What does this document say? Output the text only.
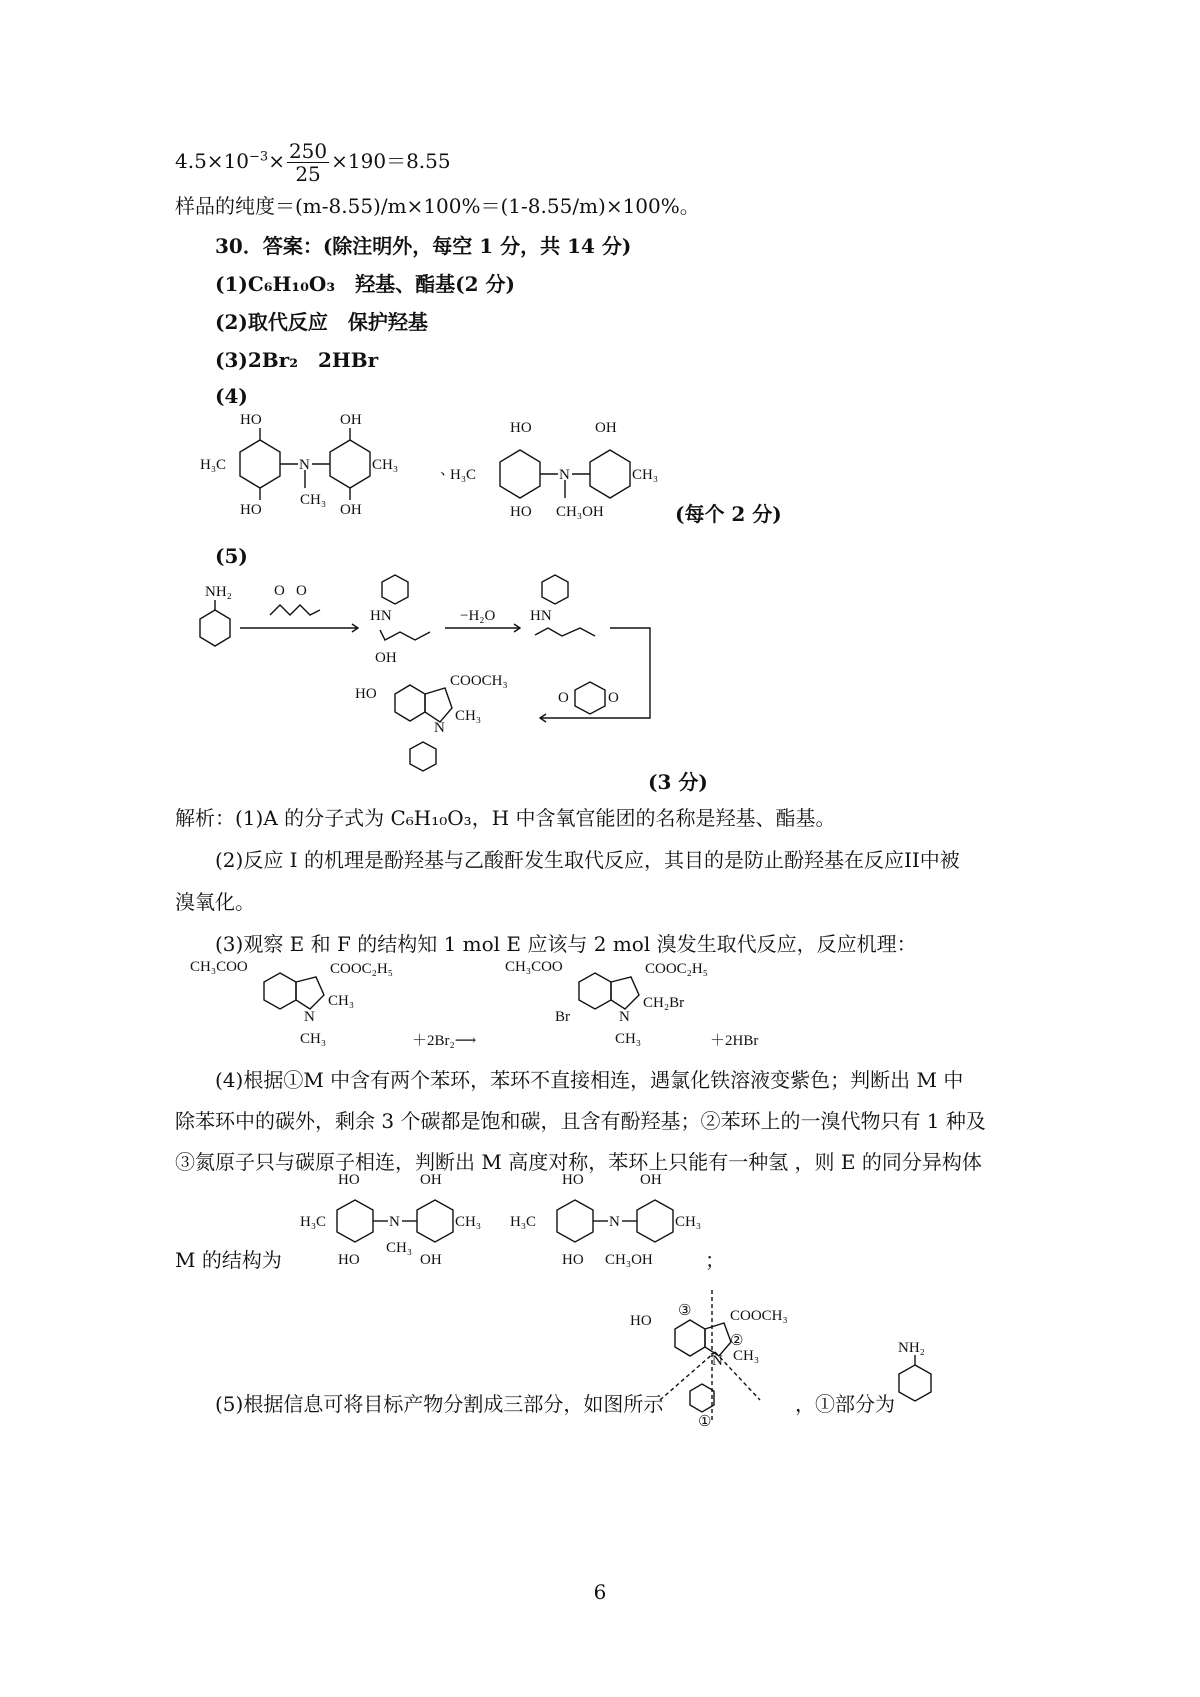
$4.5\times 10^{-3}\times \frac{250}{25} \times 190=8.55$
样品的纯度＝(m-8.55)/m×100%＝(1-8.55/m)×100%。
30．答案：(除注明外，每空 1 分，共 14 分)
(1)C₆H₁₀O₃　羟基、酯基(2 分)
(2)取代反应　保护羟基
(3)2Br₂　2HBr
(4)
HO
HO
OH
OH
H₃C	CH₃
N
CH₃
、
HO
HO
OH
CH₃OH
H₃C	CH₃
N
(每个 2 分)
(5)
NH₂	O O
HN
OH
−H₂O HN
O	O
HO
COOCH₃
CH₃
N
(3 分)
解析：(1)A 的分子式为 C₆H₁₀O₃，H 中含氧官能团的名称是羟基、酯基。
(2)反应 I 的机理是酚羟基与乙酸酐发生取代反应，其目的是防止酚羟基在反应II中被
溴氧化。
(3)观察 E 和 F 的结构知 1 mol E 应该与 2 mol 溴发生取代反应，反应机理：
CH₃COO	COOC₂H₅
CH₃
N
CH₃	＋2Br₂⟶
CH₃COO	COOC₂H₅
Br
CH₂Br
N
CH₃	＋2HBr
(4)根据①M 中含有两个苯环，苯环不直接相连，遇氯化铁溶液变紫色；判断出 M 中
除苯环中的碳外，剩余 3 个碳都是饱和碳，且含有酚羟基；②苯环上的一溴代物只有 1 种及
③氮原子只与碳原子相连，判断出 M 高度对称，苯环上只能有一种氢 ，则 E 的同分异构体
HO
HO
OH
OH
H₃C	CH₃
N
CH₃
HO
HO
OH
CH₃OH
H₃C	CH₃
N
M 的结构为	；
HO
③	COOCH₃
②
CH₃
N
①
NH₂
(5)根据信息可将目标产物分割成三部分，如图所示	，①部分为
6
